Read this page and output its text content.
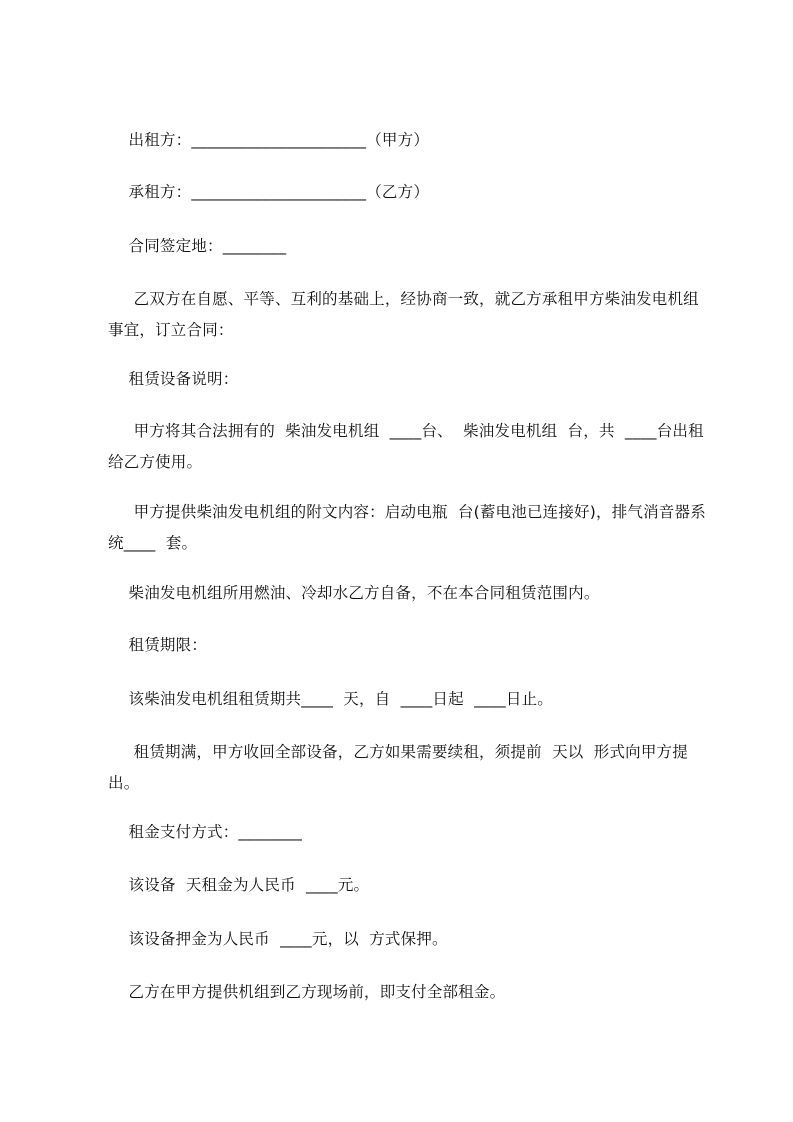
出租方：______________________（甲方）

承租方：______________________（乙方）

合同签定地：________

乙双方在自愿、平等、互利的基础上，经协商一致，就乙方承租甲方柴油发电机组事宜，订立合同：

租赁设备说明：

甲方将其合法拥有的  柴油发电机组  ____台、  柴油发电机组  台，共  ____台出租给乙方使用。

甲方提供柴油发电机组的附文内容：启动电瓶  台(蓄电池已连接好)，排气消音器系统____  套。

柴油发电机组所用燃油、冷却水乙方自备，不在本合同租赁范围内。

租赁期限：

该柴油发电机组租赁期共____  天，自  ____日起  ____日止。

租赁期满，甲方收回全部设备，乙方如果需要续租，须提前  天以  形式向甲方提出。

租金支付方式：________

该设备  天租金为人民币  ____元。

该设备押金为人民币  ____元，以  方式保押。

乙方在甲方提供机组到乙方现场前，即支付全部租金。
